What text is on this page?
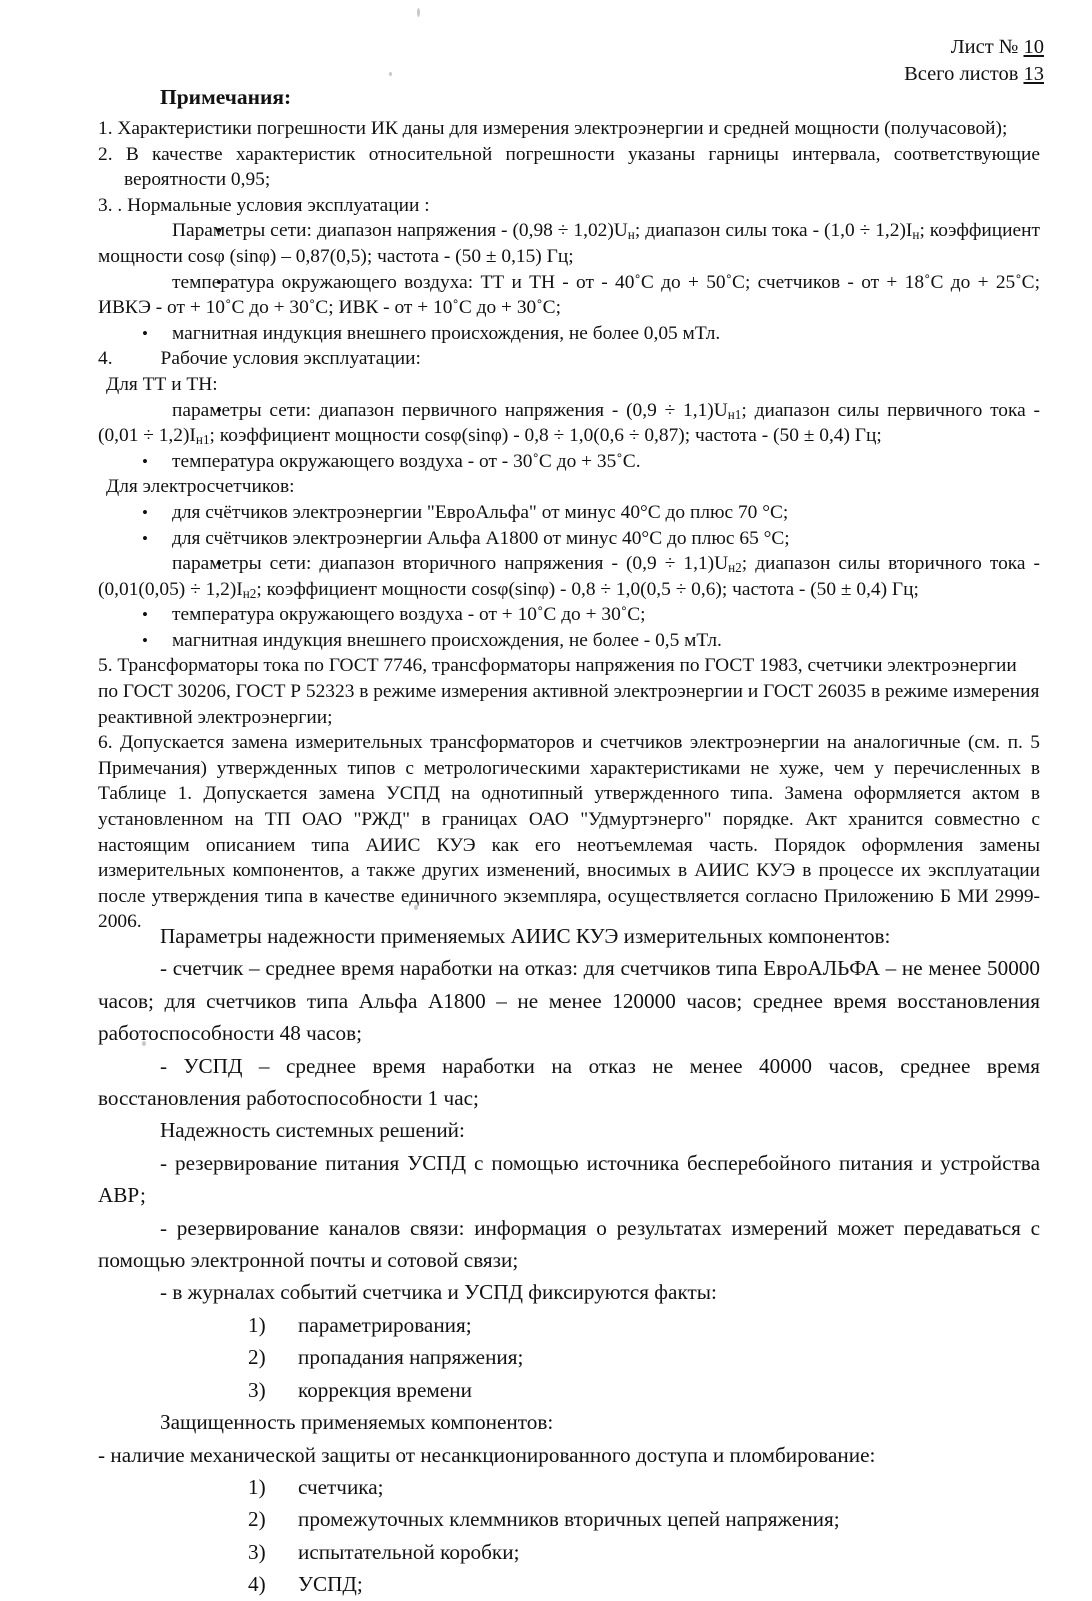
Лист № 10
Всего листов 13
Примечания:

1. Характеристики погрешности ИК даны для измерения электроэнергии и средней мощности (получасовой);

2. В качестве характеристик относительной погрешности указаны гарницы интервала, соответствующие вероятности 0,95;

3. . Нормальные условия эксплуатации :

• Параметры сети: диапазон напряжения - $(0,98 \div 1,02)U_н$; диапазон силы тока - $(1,0 \div 1,2)I_н$; коэффициент мощности cosφ (sinφ) – 0,87(0,5); частота - (50 ± 0,15) Гц;
• температура окружающего воздуха: ТТ и ТН - от - 40˚С до + 50˚С; счетчиков - от + 18˚С до + 25˚С; ИВКЭ - от + 10˚С до + 30˚С; ИВК - от + 10˚С до + 30˚С;
• магнитная индукция внешнего происхождения, не более 0,05 мТл.

4. Рабочие условия эксплуатации:

Для ТТ и ТН:

• параметры сети: диапазон первичного напряжения - $(0,9 \div 1,1)U_{н1}$; диапазон силы первичного тока - $(0,01 \div 1,2)I_{н1}$; коэффициент мощности cosφ(sinφ) - 0,8 ÷ 1,0(0,6 ÷ 0,87); частота - (50 ± 0,4) Гц;
• температура окружающего воздуха - от - 30˚С до + 35˚С.

Для электросчетчиков:

• для счётчиков электроэнергии "ЕвроАльфа" от минус 40°С до плюс 70 °С;
• для счётчиков электроэнергии Альфа А1800 от минус 40°С до плюс 65 °С;
• параметры сети: диапазон вторичного напряжения - $(0,9 \div 1,1)U_{н2}$; диапазон силы вторичного тока - $(0,01(0,05) \div 1,2)I_{н2}$; коэффициент мощности cosφ(sinφ) - 0,8 ÷ 1,0(0,5 ÷ 0,6); частота - (50 ± 0,4) Гц;
• температура окружающего воздуха - от + 10˚С до + 30˚С;
• магнитная индукция внешнего происхождения, не более - 0,5 мТл.

5. Трансформаторы тока по ГОСТ 7746, трансформаторы напряжения по ГОСТ 1983, счетчики электроэнергии по ГОСТ 30206, ГОСТ Р 52323 в режиме измерения активной электроэнергии и ГОСТ 26035 в режиме измерения реактивной электроэнергии;

6. Допускается замена измерительных трансформаторов и счетчиков электроэнергии на аналогичные (см. п. 5 Примечания) утвержденных типов с метрологическими характеристиками не хуже, чем у перечисленных в Таблице 1. Допускается замена УСПД на однотипный утвержденного типа. Замена оформляется актом в установленном на ТП ОАО "РЖД" в границах ОАО "Удмуртэнерго" порядке. Акт хранится совместно с настоящим описанием типа АИИС КУЭ как его неотъемлемая часть. Порядок оформления замены измерительных компонентов, а также других изменений, вносимых в АИИС КУЭ в процессе их эксплуатации после утверждения типа в качестве единичного экземпляра, осуществляется согласно Приложению Б МИ 2999-2006.

Параметры надежности применяемых АИИС КУЭ измерительных компонентов:

- счетчик – среднее время наработки на отказ: для счетчиков типа ЕвроАЛЬФА – не менее 50000 часов; для счетчиков типа Альфа А1800 – не менее 120000 часов; среднее время восстановления работоспособности 48 часов;

- УСПД – среднее время наработки на отказ не менее 40000 часов, среднее время восстановления работоспособности 1 час;

Надежность системных решений:

- резервирование питания УСПД с помощью источника бесперебойного питания и устройства АВР;

- резервирование каналов связи: информация о результатах измерений может передаваться с помощью электронной почты и сотовой связи;

- в журналах событий счетчика и УСПД фиксируются факты:

1) параметрирования;
2) пропадания напряжения;
3) коррекция времени

Защищенность применяемых компонентов:

- наличие механической защиты от несанкционированного доступа и пломбирование:

1) счетчика;
2) промежуточных клеммников вторичных цепей напряжения;
3) испытательной коробки;
4) УСПД;
